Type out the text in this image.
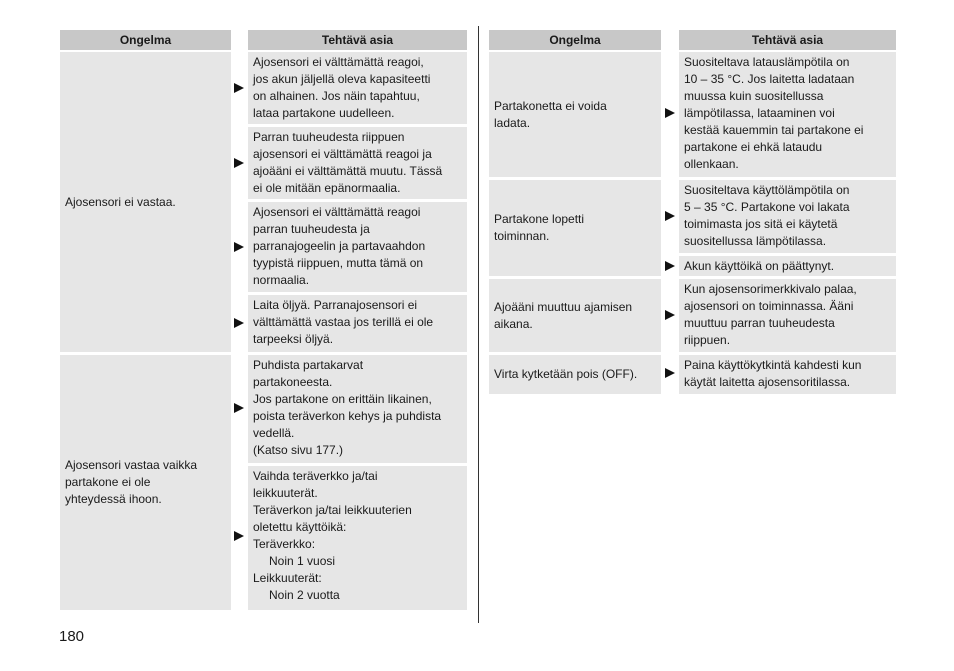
Ongelma	Tehtävä asia
Ajosensori ei vastaa.
Ajosensori vastaa vaikka
partakone ei ole
yhteydessä ihoon.
Ajosensori ei välttämättä reagoi,
jos akun jäljellä oleva kapasiteetti
on alhainen. Jos näin tapahtuu,
lataa partakone uudelleen.
Parran tuuheudesta riippuen
ajosensori ei välttämättä reagoi ja
ajoääni ei välttämättä muutu. Tässä
ei ole mitään epänormaalia.
Ajosensori ei välttämättä reagoi
parran tuuheudesta ja
parranajogeelin ja partavaahdon
tyypistä riippuen, mutta tämä on
normaalia.
Laita öljyä. Parranajosensori ei
välttämättä vastaa jos terillä ei ole
tarpeeksi öljyä.
Puhdista partakarvat
partakoneesta.
Jos partakone on erittäin likainen,
poista teräverkon kehys ja puhdista
vedellä.
(Katso sivu 177.)
Vaihda teräverkko ja/tai
leikkuuterät.
Teräverkon ja/tai leikkuuterien
oletettu käyttöikä:
Teräverkko:
Noin 1 vuosi
Leikkuuterät:
Noin 2 vuotta
Ongelma	Tehtävä asia
Partakonetta ei voida
ladata.
Partakone lopetti
toiminnan.
Ajoääni muuttuu ajamisen
aikana.
Virta kytketään pois (OFF).
Suositeltava latauslämpötila on
10 – 35 °C. Jos laitetta ladataan
muussa kuin suositellussa
lämpötilassa, lataaminen voi
kestää kauemmin tai partakone ei
partakone ei ehkä lataudu
ollenkaan.
Suositeltava käyttölämpötila on
5 – 35 °C. Partakone voi lakata
toimimasta jos sitä ei käytetä
suositellussa lämpötilassa.
Akun käyttöikä on päättynyt.
Kun ajosensorimerkkivalo palaa,
ajosensori on toiminnassa. Ääni
muuttuu parran tuuheudesta
riippuen.
Paina käyttökytkintä kahdesti kun
käytät laitetta ajosensoritilassa.
180
